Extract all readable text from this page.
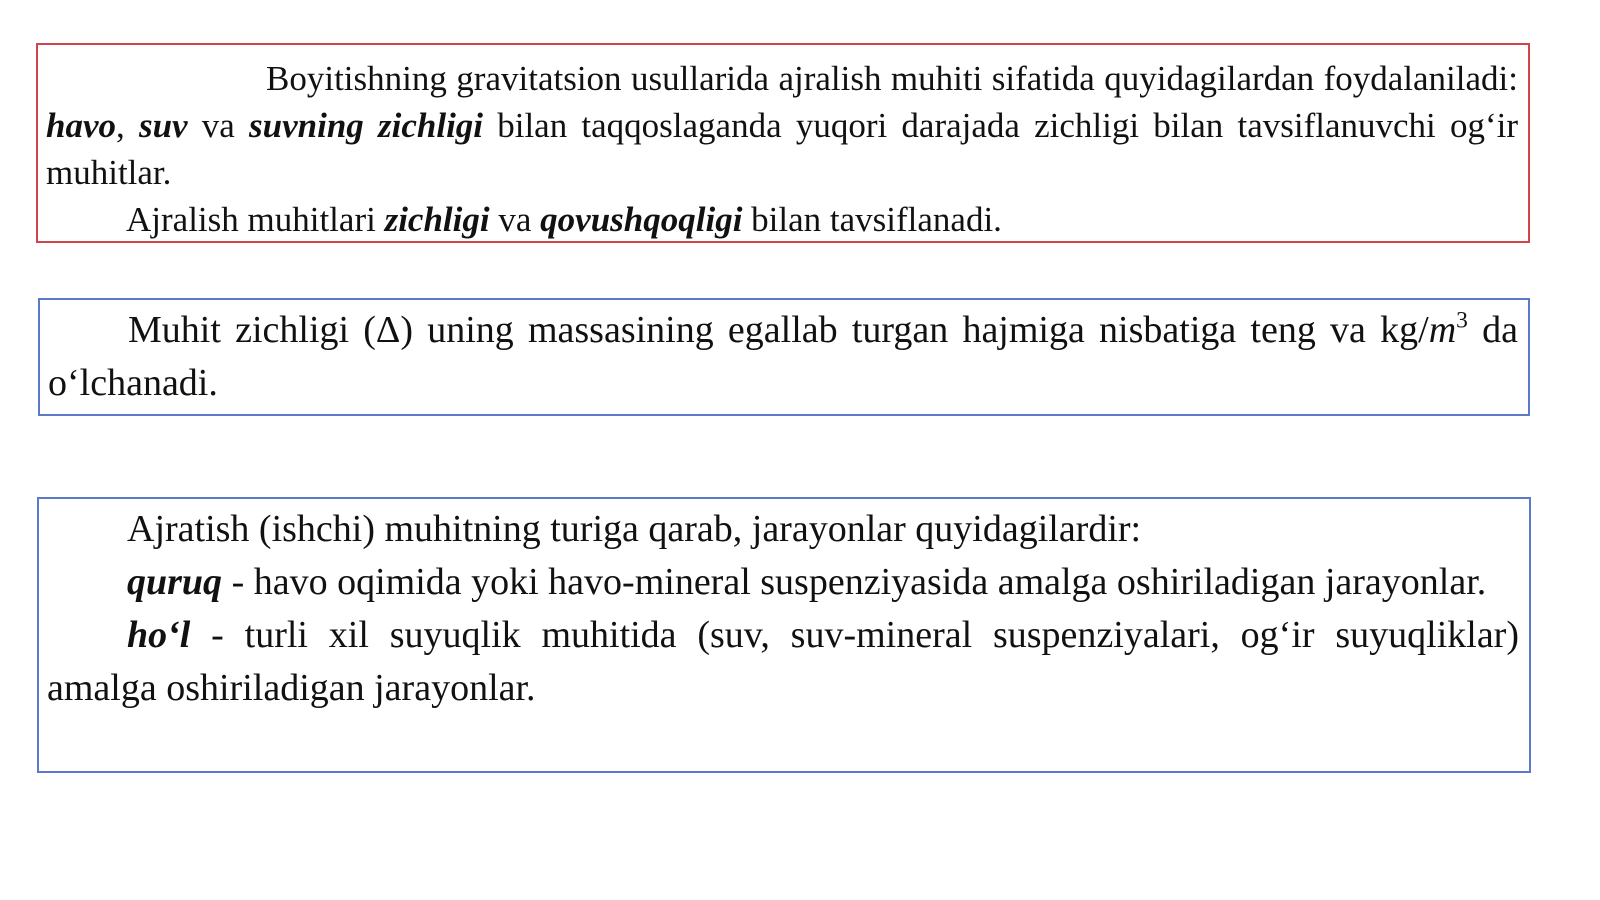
Boyitishning gravitatsion usullarida ajralish muhiti sifatida quyidagilardan foydalaniladi: havo, suv va suvning zichligi bilan taqqoslaganda yuqori darajada zichligi bilan tavsiflanuvchi og‘ir muhitlar.

Ajralish muhitlari zichligi va qovushqoqligi bilan tavsiflanadi.

Muhit zichligi (Δ) uning massasining egallab turgan hajmiga nisbatiga teng va $kg/m^3$ da o‘lchanadi.

Ajratish (ishchi) muhitning turiga qarab, jarayonlar quyidagilardir:

quruq - havo oqimida yoki havo-mineral suspenziyasida amalga oshiriladigan jarayonlar.

ho‘l - turli xil suyuqlik muhitida (suv, suv-mineral suspenziyalari, og‘ir suyuqliklar) amalga oshiriladigan jarayonlar.
